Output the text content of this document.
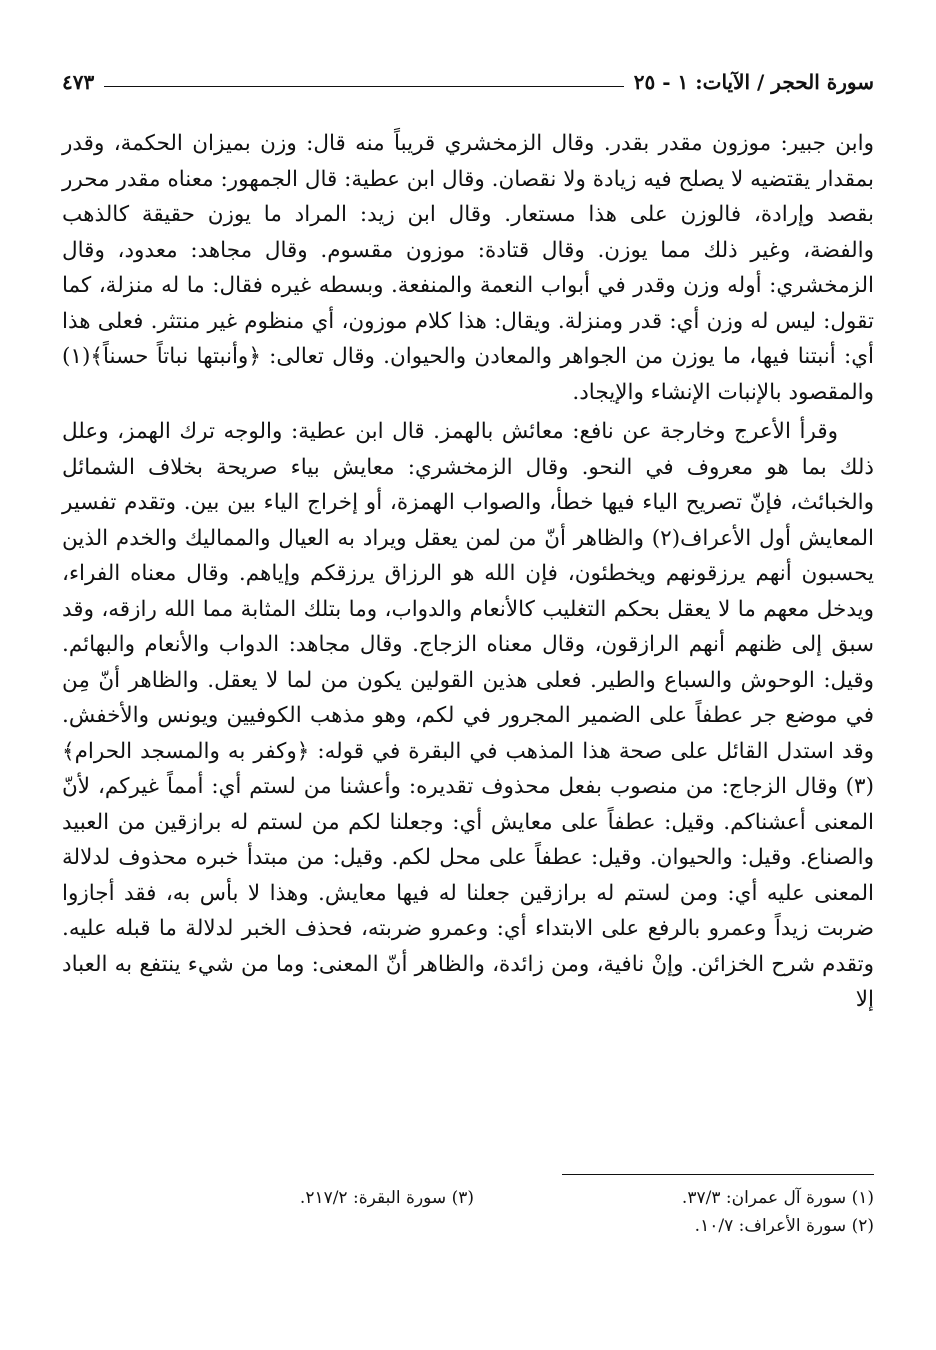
سورة الحجر / الآيات: ١ - ٢٥
٤٧٣

وابن جبير: موزون مقدر بقدر. وقال الزمخشري قريباً منه قال: وزن بميزان الحكمة، وقدر بمقدار يقتضيه لا يصلح فيه زيادة ولا نقصان. وقال ابن عطية: قال الجمهور: معناه مقدر محرر بقصد وإرادة، فالوزن على هذا مستعار. وقال ابن زيد: المراد ما يوزن حقيقة كالذهب والفضة، وغير ذلك مما يوزن. وقال قتادة: موزون مقسوم. وقال مجاهد: معدود، وقال الزمخشري: أوله وزن وقدر في أبواب النعمة والمنفعة. وبسطه غيره فقال: ما له منزلة، كما تقول: ليس له وزن أي: قدر ومنزلة. ويقال: هذا كلام موزون، أي منظوم غير منتثر. فعلى هذا أي: أنبتنا فيها، ما يوزن من الجواهر والمعادن والحيوان. وقال تعالى: ﴿وأنبتها نباتاً حسناً﴾(١) والمقصود بالإنبات الإنشاء والإيجاد.

وقرأ الأعرج وخارجة عن نافع: معائش بالهمز. قال ابن عطية: والوجه ترك الهمز، وعلل ذلك بما هو معروف في النحو. وقال الزمخشري: معايش بياء صريحة بخلاف الشمائل والخبائث، فإنّ تصريح الياء فيها خطأ، والصواب الهمزة، أو إخراج الياء بين بين. وتقدم تفسير المعايش أول الأعراف(٢) والظاهر أنّ من لمن يعقل ويراد به العيال والمماليك والخدم الذين يحسبون أنهم يرزقونهم ويخطئون، فإن الله هو الرزاق يرزقكم وإياهم. وقال معناه الفراء، ويدخل معهم ما لا يعقل بحكم التغليب كالأنعام والدواب، وما بتلك المثابة مما الله رازقه، وقد سبق إلى ظنهم أنهم الرازقون، وقال معناه الزجاج. وقال مجاهد: الدواب والأنعام والبهائم. وقيل: الوحوش والسباع والطير. فعلى هذين القولين يكون من لما لا يعقل. والظاهر أنّ مِن في موضع جر عطفاً على الضمير المجرور في لكم، وهو مذهب الكوفيين ويونس والأخفش. وقد استدل القائل على صحة هذا المذهب في البقرة في قوله: ﴿وكفر به والمسجد الحرام﴾(٣) وقال الزجاج: من منصوب بفعل محذوف تقديره: وأعشنا من لستم أي: أمماً غيركم، لأنّ المعنى أعشناكم. وقيل: عطفاً على معايش أي: وجعلنا لكم من لستم له برازقين من العبيد والصناع. وقيل: والحيوان. وقيل: عطفاً على محل لكم. وقيل: من مبتدأ خبره محذوف لدلالة المعنى عليه أي: ومن لستم له برازقين جعلنا له فيها معايش. وهذا لا بأس به، فقد أجازوا ضربت زيداً وعمرو بالرفع على الابتداء أي: وعمرو ضربته، فحذف الخبر لدلالة ما قبله عليه. وتقدم شرح الخزائن. وإنْ نافية، ومن زائدة، والظاهر أنّ المعنى: وما من شيء ينتفع به العباد إلا

(١) سورة آل عمران: ٣٧/٣.
(٣) سورة البقرة: ٢١٧/٢.
(٢) سورة الأعراف: ١٠/٧.
